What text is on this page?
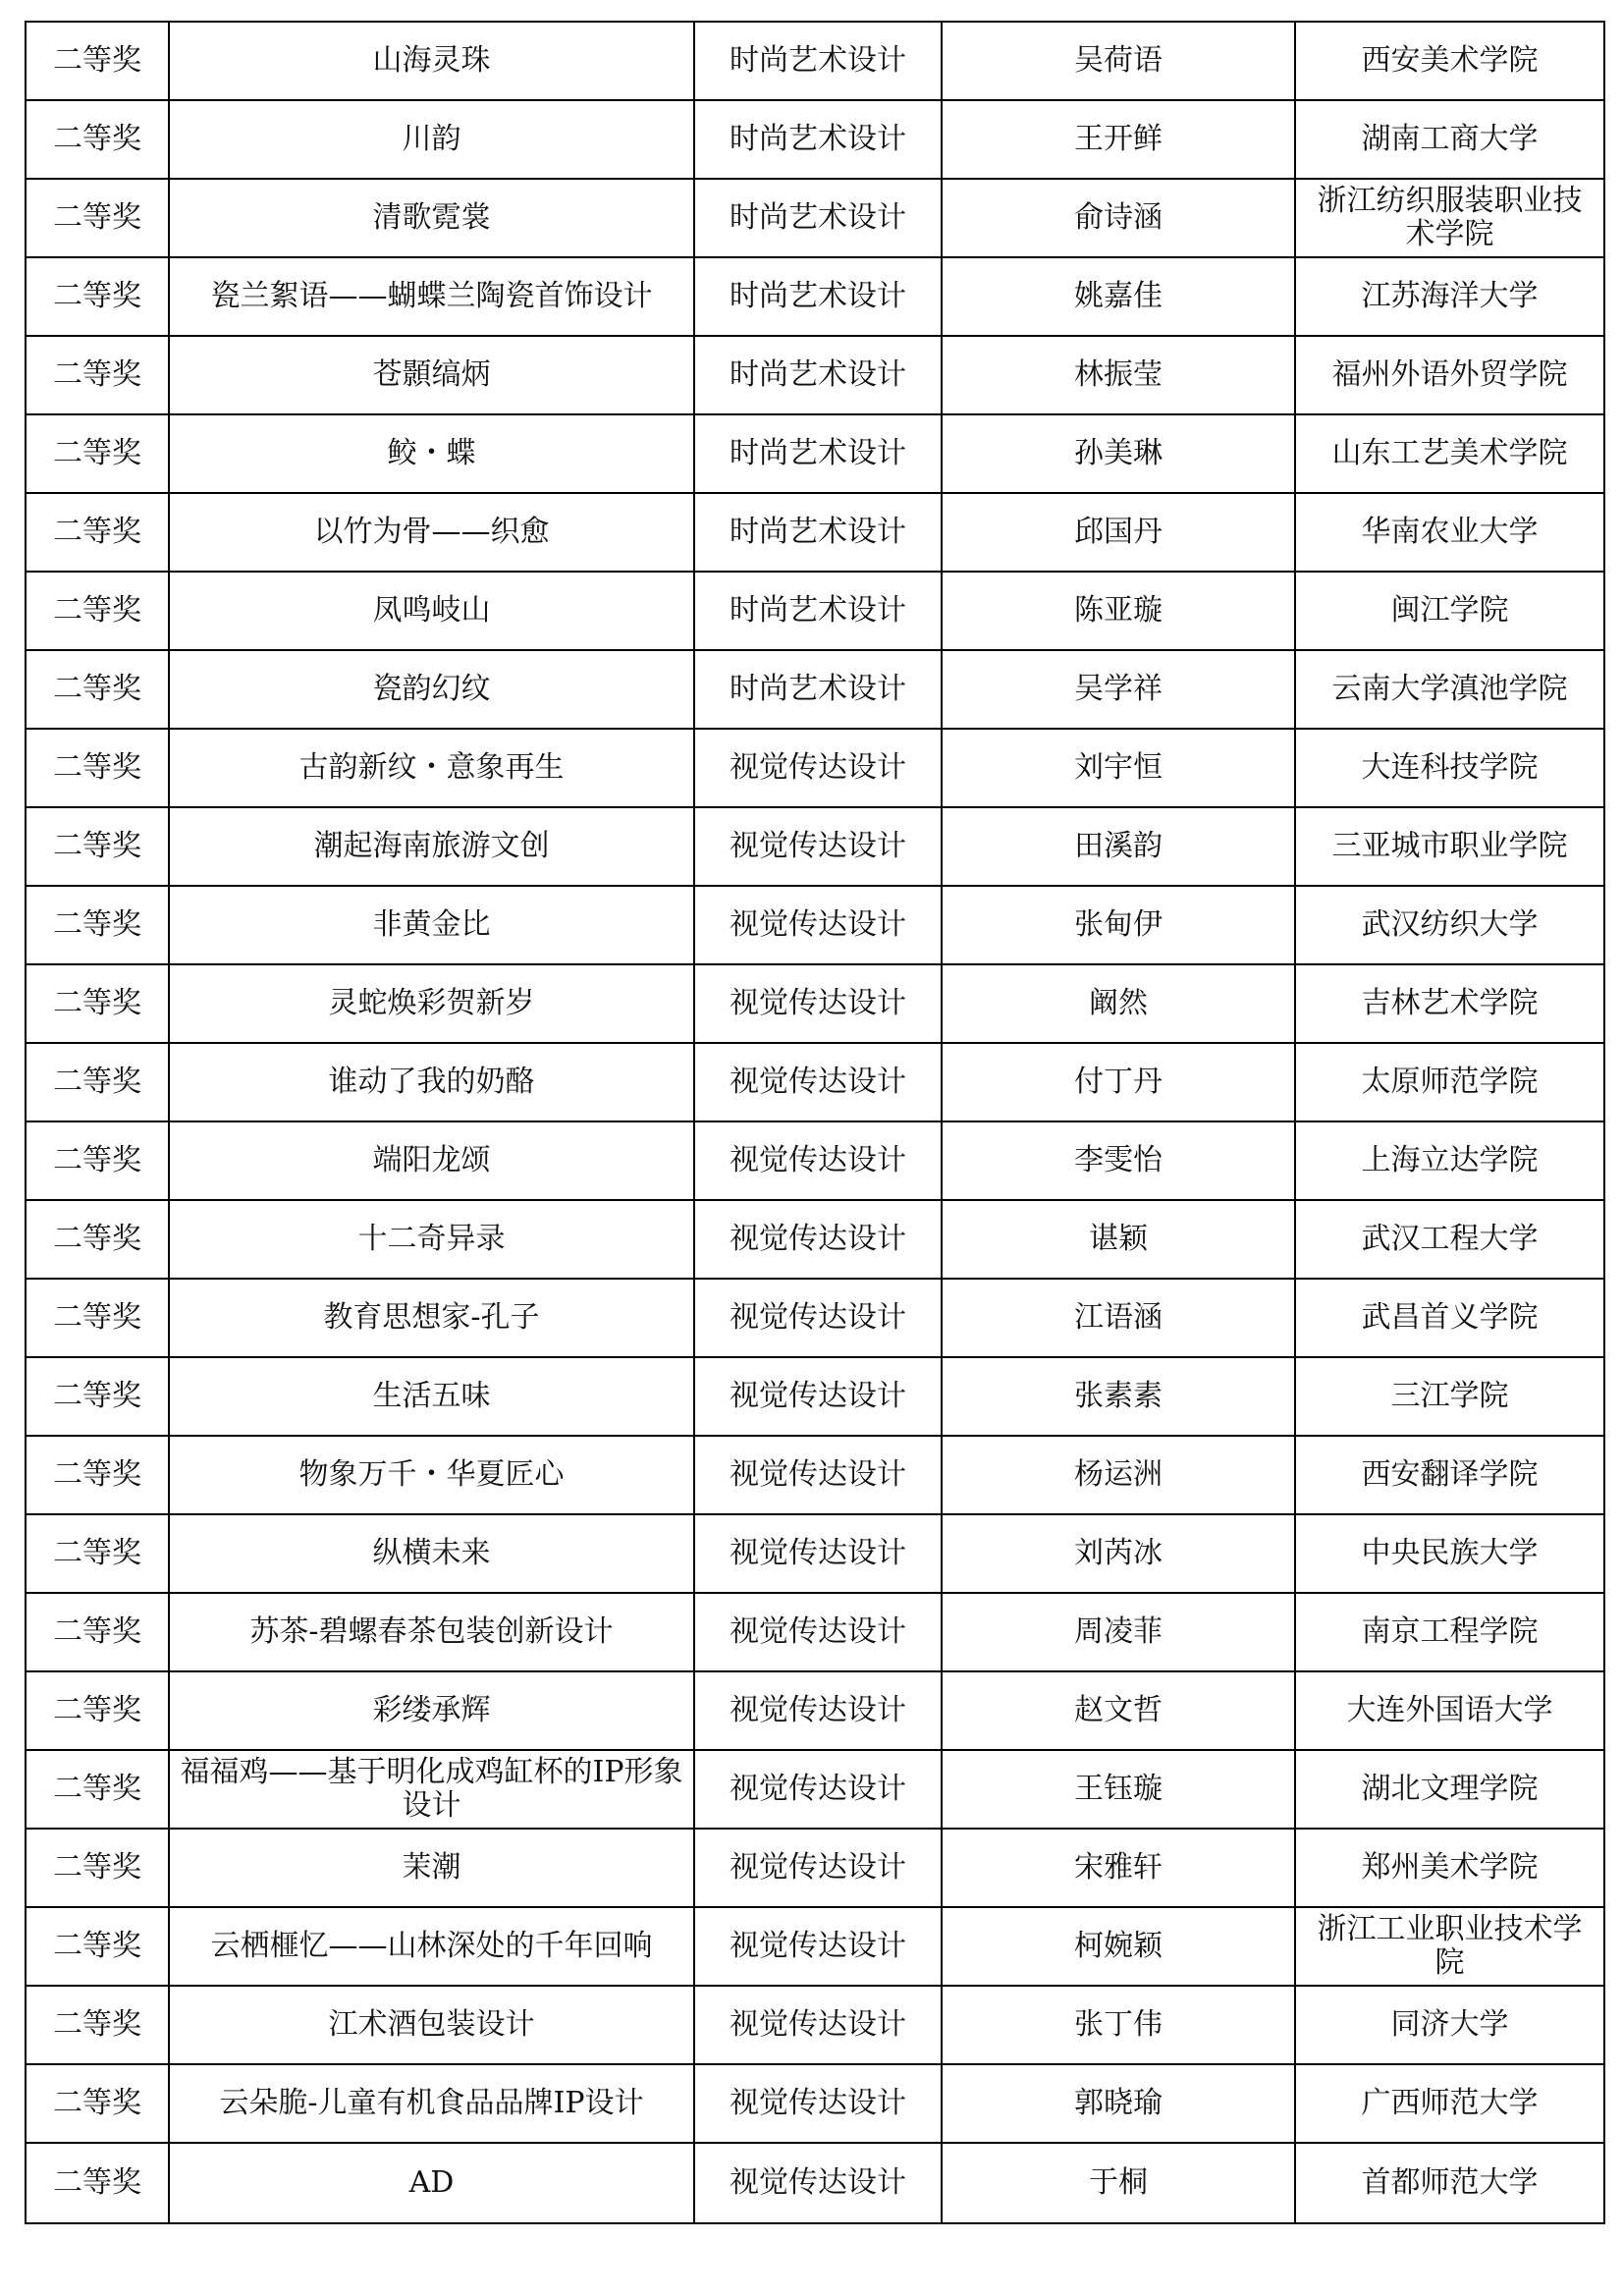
二等奖	山海灵珠	时尚艺术设计	吴荷语	西安美术学院
二等奖	川韵	时尚艺术设计	王开鲜	湖南工商大学
二等奖	清歌霓裳	时尚艺术设计	俞诗涵	浙江纺织服装职业技术学院
二等奖	瓷兰絮语——蝴蝶兰陶瓷首饰设计	时尚艺术设计	姚嘉佳	江苏海洋大学
二等奖	苍顥缟炳	时尚艺术设计	林振莹	福州外语外贸学院
二等奖	鲛・蝶	时尚艺术设计	孙美琳	山东工艺美术学院
二等奖	以竹为骨——织愈	时尚艺术设计	邱国丹	华南农业大学
二等奖	凤鸣岐山	时尚艺术设计	陈亚璇	闽江学院
二等奖	瓷韵幻纹	时尚艺术设计	吴学祥	云南大学滇池学院
二等奖	古韵新纹・意象再生	视觉传达设计	刘宇恒	大连科技学院
二等奖	潮起海南旅游文创	视觉传达设计	田溪韵	三亚城市职业学院
二等奖	非黄金比	视觉传达设计	张甸伊	武汉纺织大学
二等奖	灵蛇焕彩贺新岁	视觉传达设计	阚然	吉林艺术学院
二等奖	谁动了我的奶酪	视觉传达设计	付丁丹	太原师范学院
二等奖	端阳龙颂	视觉传达设计	李雯怡	上海立达学院
二等奖	十二奇异录	视觉传达设计	谌颖	武汉工程大学
二等奖	教育思想家-孔子	视觉传达设计	江语涵	武昌首义学院
二等奖	生活五味	视觉传达设计	张素素	三江学院
二等奖	物象万千・华夏匠心	视觉传达设计	杨运洲	西安翻译学院
二等奖	纵横未来	视觉传达设计	刘芮冰	中央民族大学
二等奖	苏茶-碧螺春茶包装创新设计	视觉传达设计	周凌菲	南京工程学院
二等奖	彩缕承辉	视觉传达设计	赵文哲	大连外国语大学
二等奖	福福鸡——基于明化成鸡缸杯的IP形象设计	视觉传达设计	王钰璇	湖北文理学院
二等奖	茉潮	视觉传达设计	宋雅轩	郑州美术学院
二等奖	云栖榧忆——山林深处的千年回响	视觉传达设计	柯婉颖	浙江工业职业技术学院
二等奖	江术酒包装设计	视觉传达设计	张丁伟	同济大学
二等奖	云朵脆-儿童有机食品品牌IP设计	视觉传达设计	郭晓瑜	广西师范大学
二等奖	AD	视觉传达设计	于桐	首都师范大学
